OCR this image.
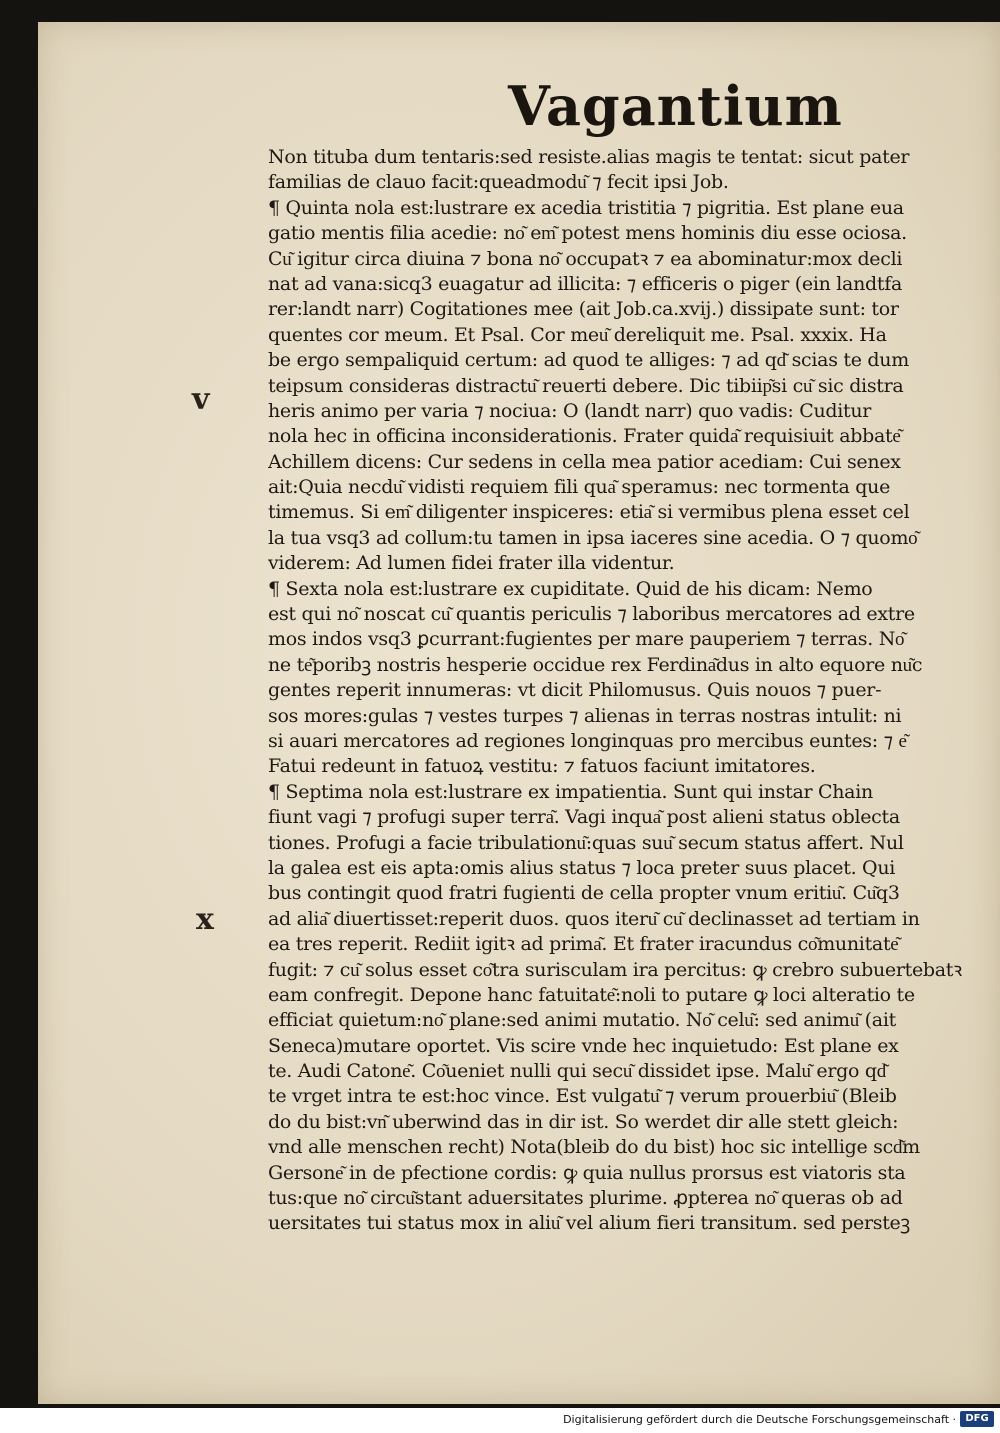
Vagantium
v
x
Non tituba dum tentaris:sed resiste.alias magis te tentat: sicut pater
familias de clauo facit:queadmodu͂ ⁊ fecit ipsi Job.
¶ Quinta nola est:lustrare ex acedia tristitia ⁊ pigritia. Est plane eua
gatio mentis filia acedie: no͂ em͂ potest mens hominis diu esse ociosa.
Cu͂ igitur circa diuina ⁊ bona no͂ occupatꝛ ⁊ ea abominatur:mox decli
nat ad vana:sicq3 euagatur ad illicita: ⁊ efficeris o piger (ein landtfa
rer:landt narr) Cogitationes mee (ait Job.ca.xvij.) dissipate sunt: tor
quentes cor meum. Et Psal. Cor meu͂ dereliquit me. Psal. xxxix. Ha
be ergo sempaliquid certum: ad quod te alliges: ⁊ ad qd͂ scias te dum
teipsum consideras distractu͂ reuerti debere. Dic tibiip͂si cu͂ sic distra
heris animo per varia ⁊ nociua: O (landt narr) quo vadis: Cuditur
nola hec in officina inconsiderationis. Frater quida͂ requisiuit abbate͂
Achillem dicens: Cur sedens in cella mea patior acediam: Cui senex
ait:Quia necdu͂ vidisti requiem fili qua͂ speramus: nec tormenta que
timemus. Si em͂ diligenter inspiceres: etia͂ si vermibus plena esset cel
la tua vsq3 ad collum:tu tamen in ipsa iaceres sine acedia. O ⁊ quomo͂
viderem: Ad lumen fidei frater illa videntur.
¶ Sexta nola est:lustrare ex cupiditate. Quid de his dicam: Nemo
est qui no͂ noscat cu͂ quantis periculis ⁊ laboribus mercatores ad extre
mos indos vsq3 ꝑcurrant:fugientes per mare pauperiem ⁊ terras. No͂
ne te͂poribꝫ nostris hesperie occidue rex Ferdina͂dus in alto equore nu͂c
gentes reperit innumeras: vt dicit Philomusus. Quis nouos ⁊ puer-
sos mores:gulas ⁊ vestes turpes ⁊ alienas in terras nostras intulit: ni
si auari mercatores ad regiones longinquas pro mercibus euntes: ⁊ e͂
Fatui redeunt in fatuoꝝ vestitu: ⁊ fatuos faciunt imitatores.
¶ Septima nola est:lustrare ex impatientia. Sunt qui instar Chain
fiunt vagi ⁊ profugi super terra͂. Vagi inqua͂ post alieni status oblecta
tiones. Profugi a facie tribulationu͂:quas suu͂ secum status affert. Nul
la galea est eis apta:omis alius status ⁊ loca preter suus placet. Qui
bus contingit quod fratri fugienti de cella propter vnum eritiu͂. Cu͂q3
ad alia͂ diuertisset:reperit duos. quos iteru͂ cu͂ declinasset ad tertiam in
ea tres reperit. Rediit igitꝛ ad prima͂. Et frater iracundus co͂munitate͂
fugit: ⁊ cu͂ solus esset co͂tra surisculam ira percitus: ꝙ crebro subuertebatꝛ
eam confregit. Depone hanc fatuitate͂:noli to putare ꝙ loci alteratio te
efficiat quietum:no͂ plane:sed animi mutatio. No͂ celu͂: sed animu͂ (ait
Seneca)mutare oportet. Vis scire vnde hec inquietudo: Est plane ex
te. Audi Catone͂. Co͂ueniet nulli qui secu͂ dissidet ipse. Malu͂ ergo qd͂
te vrget intra te est:hoc vince. Est vulgatu͂ ⁊ verum prouerbiu͂ (Bleib
do du bist:vn͂ uberwind das in dir ist. So werdet dir alle stett gleich:
vnd alle menschen recht) Nota(bleib do du bist) hoc sic intellige scd͂m
Gersone͂ in de pfectione cordis: ꝙ quia nullus prorsus est viatoris sta
tus:que no͂ circu͂stant aduersitates plurime. ꝓpterea no͂ queras ob ad
uersitates tui status mox in aliu͂ vel alium fieri transitum. sed persteꝫ
Digitalisierung gefördert durch die Deutsche Forschungsgemeinschaft · DFG
